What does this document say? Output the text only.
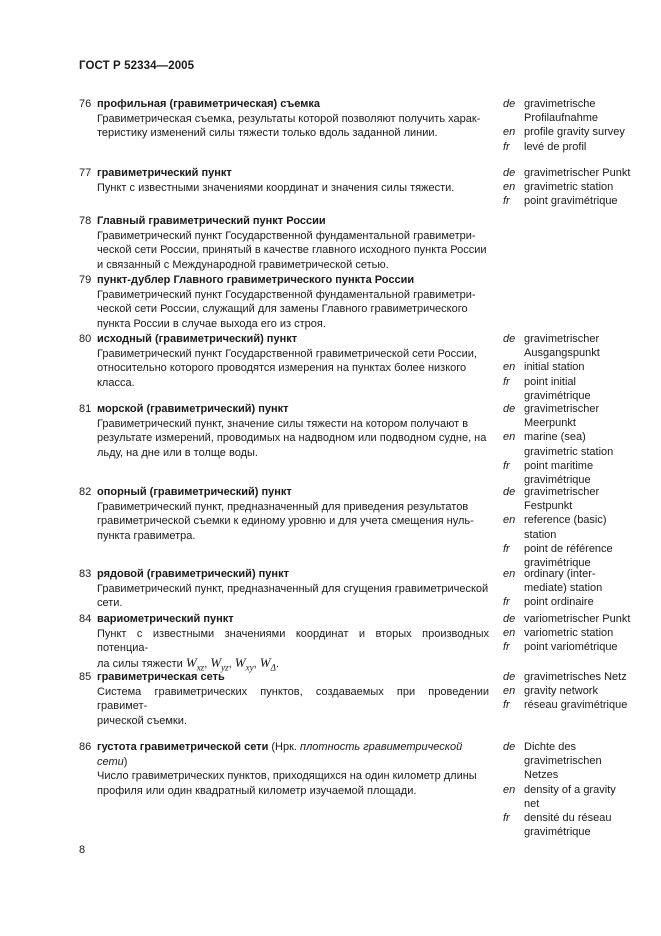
ГОСТ Р 52334—2005
76 профильная (гравиметрическая) съемка
Гравиметрическая съемка, результаты которой позволяют получить харак-
теристику изменений силы тяжести только вдоль заданной линии.
de gravimetrische Profilaufnahme
en profile gravity survey
fr levé de profil
77 гравиметрический пункт
Пункт с известными значениями координат и значения силы тяжести.
de gravimetrischer Punkt
en gravimetric station
fr point gravimétrique
78 Главный гравиметрический пункт России
Гравиметрический пункт Государственной фундаментальной гравиметри-
ческой сети России, принятый в качестве главного исходного пункта России
и связанный с Международной гравиметрической сетью.
79 пункт-дублер Главного гравиметрического пункта России
Гравиметрический пункт Государственной фундаментальной гравиметри-
ческой сети России, служащий для замены Главного гравиметрического
пункта России в случае выхода его из строя.
80 исходный (гравиметрический) пункт
Гравиметрический пункт Государственной гравиметрической сети России,
относительно которого проводятся измерения на пунктах более низкого
класса.
de gravimetrischer Ausgangspunkt
en initial station
fr point initial gravimétrique
81 морской (гравиметрический) пункт
Гравиметрический пункт, значение силы тяжести на котором получают в
результате измерений, проводимых на надводном или подводном судне, на
льду, на дне или в толще воды.
de gravimetrischer Meerpunkt
en marine (sea) gravimetric station
fr point maritime gravimétrique
82 опорный (гравиметрический) пункт
Гравиметрический пункт, предназначенный для приведения результатов
гравиметрической съемки к единому уровню и для учета смещения нуль-
пункта гравиметра.
de gravimetrischer Festpunkt
en reference (basic) station
fr point de référence gravimétrique
83 рядовой (гравиметрический) пункт
Гравиметрический пункт, предназначенный для сгущения гравиметрической
сети.
en ordinary (inter-mediate) station
fr point ordinaire
84 вариометрический пункт
Пункт с известными значениями координат и вторых производных потенциа-
ла силы тяжести $W_{xz}$, $W_{yz}$, $W_{xy}$, $W_\Delta$.
de variometrischer Punkt
en variometric station
fr point variométrique
85 гравиметрическая сеть
Система гравиметрических пунктов, создаваемых при проведении гравимет-
рической съемки.
de gravimetrisches Netz
en gravity network
fr réseau gravimétrique
86 густота гравиметрической сети (Нрк. плотность гравиметрической сети)
Число гравиметрических пунктов, приходящихся на один километр длины
профиля или один квадратный километр изучаемой площади.
de Dichte des gravimetrischen Netzes
en density of a gravity net
fr densité du réseau gravimétrique
8
